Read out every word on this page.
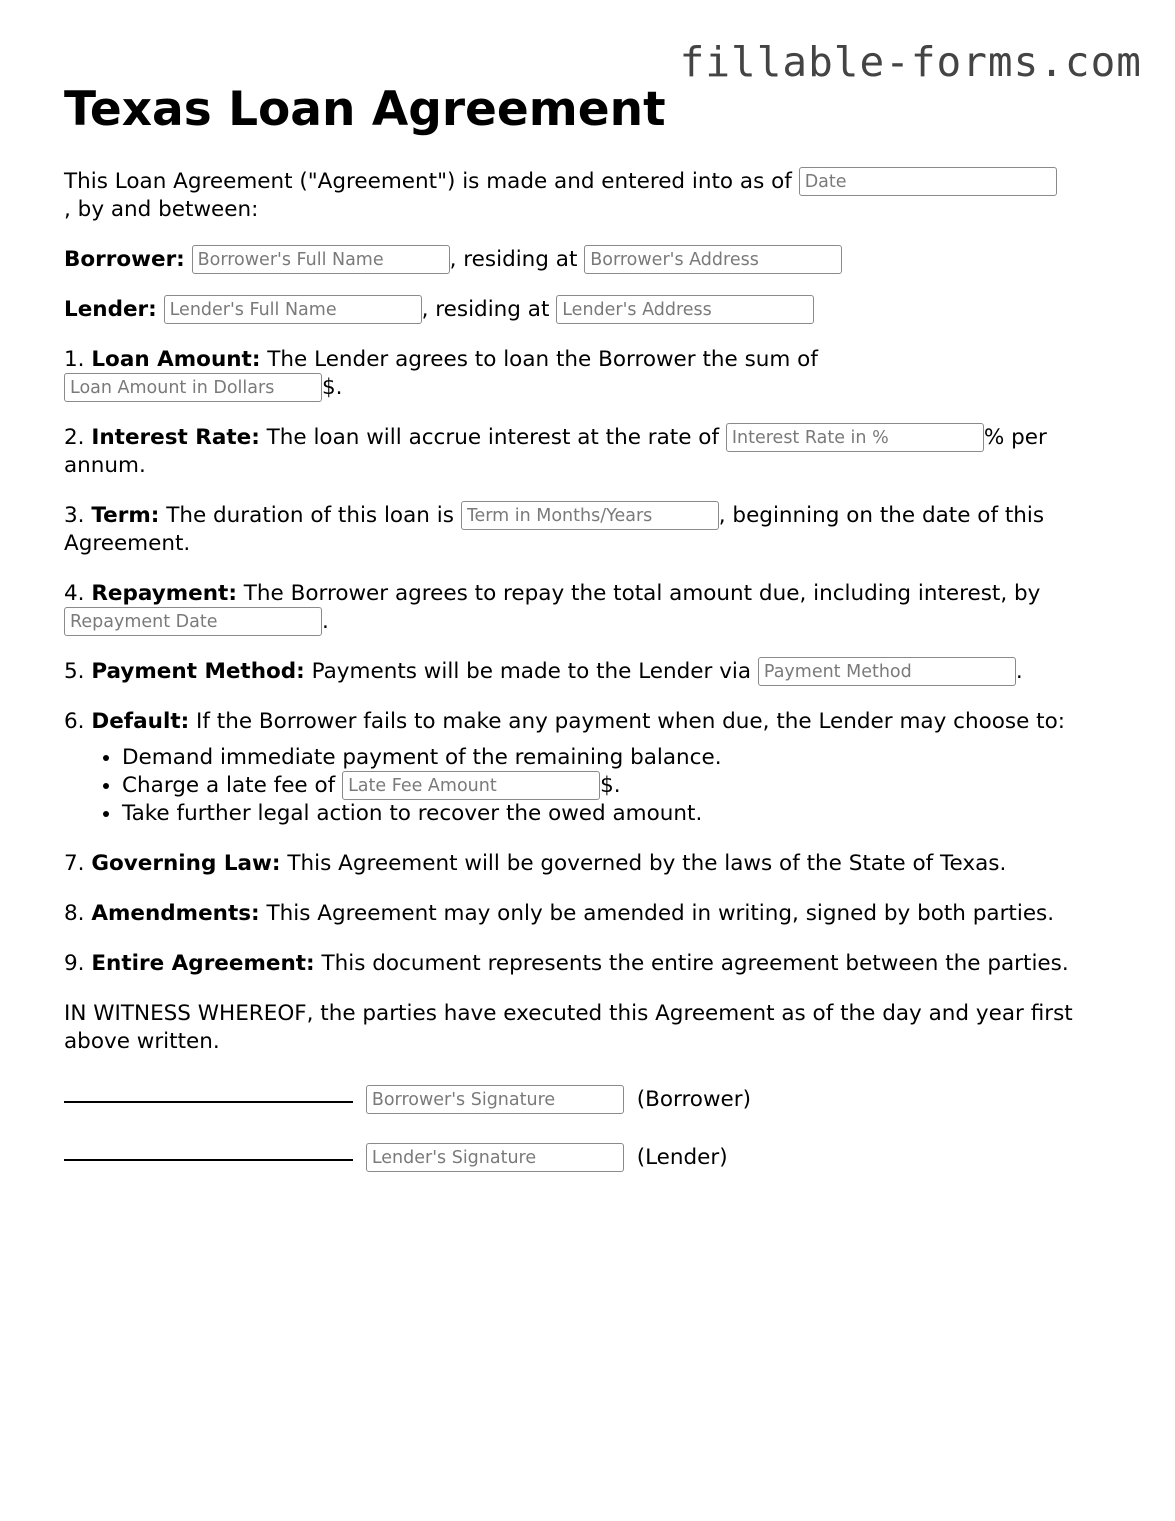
fillable-forms.com
Texas Loan Agreement

This Loan Agreement ("Agreement") is made and entered into as of Date
, by and between:

Borrower: Borrower's Full Name	, residing at Borrower's Address

Lender: Lender's Full Name	, residing at Lender's Address

1. Loan Amount: The Lender agrees to loan the Borrower the sum of
Loan Amount in Dollars$.

2. Interest Rate: The loan will accrue interest at the rate of Interest Rate in %	% per annum.

3. Term: The duration of this loan is Term in Months/Years	, beginning on the date of this Agreement.

4. Repayment: The Borrower agrees to repay the total amount due, including interest, by
Repayment Date.

5. Payment Method: Payments will be made to the Lender via Payment Method	.

6. Default: If the Borrower fails to make any payment when due, the Lender may choose to:

• Demand immediate payment of the remaining balance.
• Charge a late fee of Late Fee Amount	$.
• Take further legal action to recover the owed amount.

7. Governing Law: This Agreement will be governed by the laws of the State of Texas.

8. Amendments: This Agreement may only be amended in writing, signed by both parties.

9. Entire Agreement: This document represents the entire agreement between the parties.

IN WITNESS WHEREOF, the parties have executed this Agreement as of the day and year first above written.

Borrower's Signature (Borrower)
Lender's Signature (Lender)
